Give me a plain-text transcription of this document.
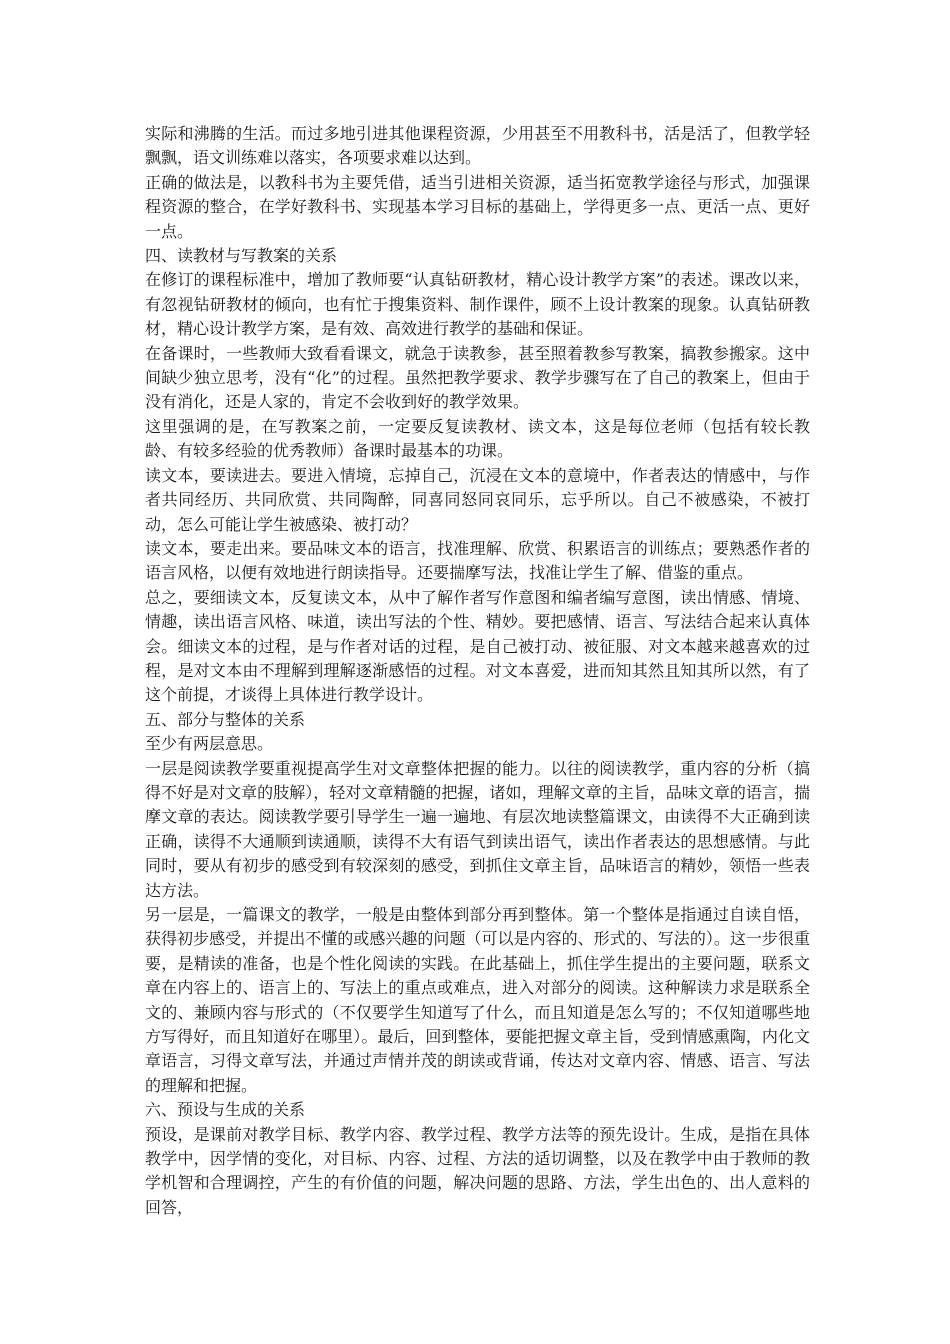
实际和沸腾的生活。而过多地引进其他课程资源，少用甚至不用教科书，活是活了，但教学轻飘飘，语文训练难以落实，各项要求难以达到。

正确的做法是，以教科书为主要凭借，适当引进相关资源，适当拓宽教学途径与形式，加强课程资源的整合，在学好教科书、实现基本学习目标的基础上，学得更多一点、更活一点、更好一点。

四、读教材与写教案的关系

在修订的课程标准中，增加了教师要“认真钻研教材，精心设计教学方案”的表述。课改以来，有忽视钻研教材的倾向，也有忙于搜集资料、制作课件，顾不上设计教案的现象。认真钻研教材，精心设计教学方案，是有效、高效进行教学的基础和保证。

在备课时，一些教师大致看看课文，就急于读教参，甚至照着教参写教案，搞教参搬家。这中间缺少独立思考，没有“化”的过程。虽然把教学要求、教学步骤写在了自己的教案上，但由于没有消化，还是人家的，肯定不会收到好的教学效果。

这里强调的是，在写教案之前，一定要反复读教材、读文本，这是每位老师（包括有较长教龄、有较多经验的优秀教师）备课时最基本的功课。

读文本，要读进去。要进入情境，忘掉自己，沉浸在文本的意境中，作者表达的情感中，与作者共同经历、共同欣赏、共同陶醉，同喜同怒同哀同乐，忘乎所以。自己不被感染，不被打动，怎么可能让学生被感染、被打动？

读文本，要走出来。要品味文本的语言，找准理解、欣赏、积累语言的训练点；要熟悉作者的语言风格，以便有效地进行朗读指导。还要揣摩写法，找准让学生了解、借鉴的重点。

总之，要细读文本，反复读文本，从中了解作者写作意图和编者编写意图，读出情感、情境、情趣，读出语言风格、味道，读出写法的个性、精妙。要把感情、语言、写法结合起来认真体会。细读文本的过程，是与作者对话的过程，是自己被打动、被征服、对文本越来越喜欢的过程，是对文本由不理解到理解逐渐感悟的过程。对文本喜爱，进而知其然且知其所以然，有了这个前提，才谈得上具体进行教学设计。

五、部分与整体的关系

至少有两层意思。

一层是阅读教学要重视提高学生对文章整体把握的能力。以往的阅读教学，重内容的分析（搞得不好是对文章的肢解），轻对文章精髓的把握，诸如，理解文章的主旨，品味文章的语言，揣摩文章的表达。阅读教学要引导学生一遍一遍地、有层次地读整篇课文，由读得不大正确到读正确，读得不大通顺到读通顺，读得不大有语气到读出语气，读出作者表达的思想感情。与此同时，要从有初步的感受到有较深刻的感受，到抓住文章主旨，品味语言的精妙，领悟一些表达方法。

另一层是，一篇课文的教学，一般是由整体到部分再到整体。第一个整体是指通过自读自悟，获得初步感受，并提出不懂的或感兴趣的问题（可以是内容的、形式的、写法的）。这一步很重要，是精读的准备，也是个性化阅读的实践。在此基础上，抓住学生提出的主要问题，联系文章在内容上的、语言上的、写法上的重点或难点，进入对部分的阅读。这种解读力求是联系全文的、兼顾内容与形式的（不仅要学生知道写了什么，而且知道是怎么写的；不仅知道哪些地方写得好，而且知道好在哪里）。最后，回到整体，要能把握文章主旨，受到情感熏陶，内化文章语言，习得文章写法，并通过声情并茂的朗读或背诵，传达对文章内容、情感、语言、写法的理解和把握。

六、预设与生成的关系

预设，是课前对教学目标、教学内容、教学过程、教学方法等的预先设计。生成，是指在具体教学中，因学情的变化，对目标、内容、过程、方法的适切调整，以及在教学中由于教师的教学机智和合理调控，产生的有价值的问题，解决问题的思路、方法，学生出色的、出人意料的回答，
